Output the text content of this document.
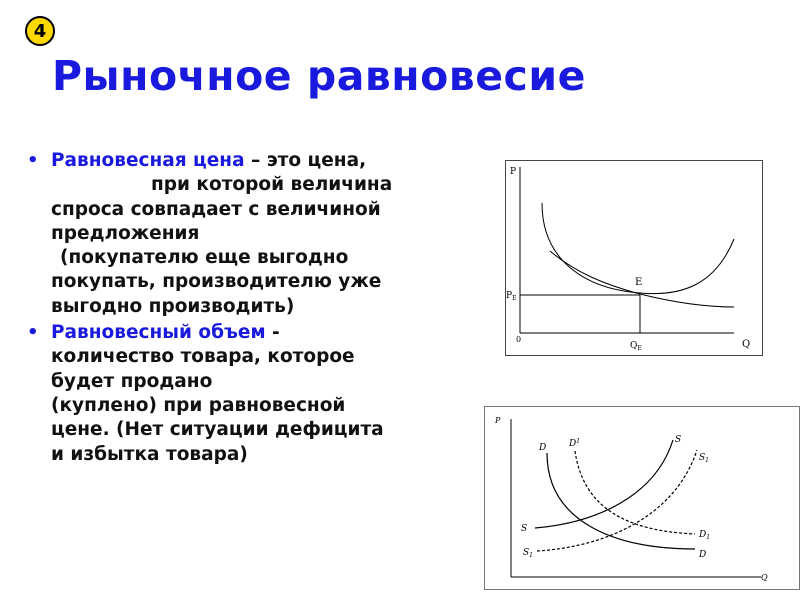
4
Рыночное равновесие
• Равновесная цена – это цена,
при которой величина
спроса совпадает с величиной
предложения
(покупателю еще выгодно
покупать, производителю уже
выгодно производить)
• Равновесный объем -
количество товара, которое
будет продано
(куплено) при равновесной
цене. (Нет ситуации дефицита
и избытка товара)
P
Q
0
E
$P_E$
$Q_E$
P
Q
D	$D^1$	S
$S_1$
S
$S_1$
$D_1$
D
